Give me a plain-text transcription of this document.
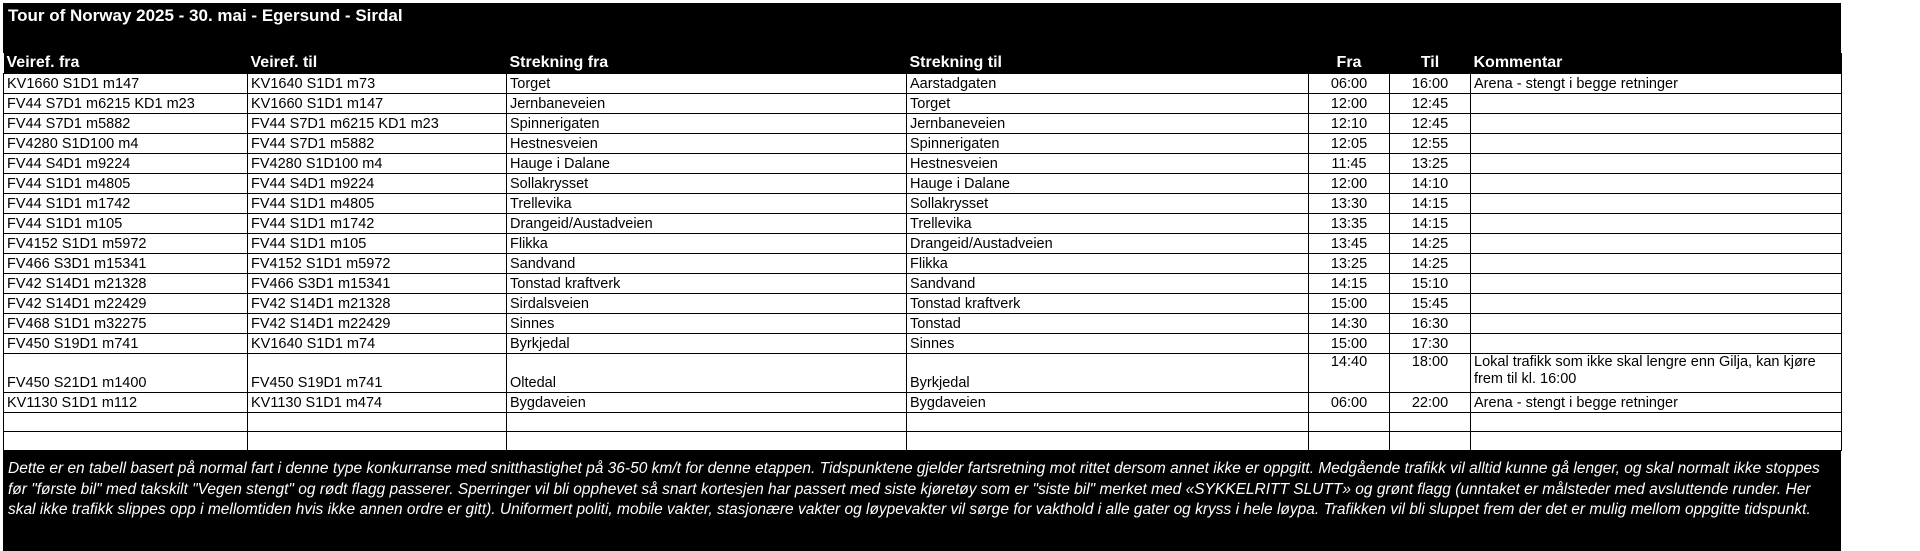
Tour of Norway 2025 - 30. mai - Egersund - Sirdal
Veiref. fra	Veiref. til	Strekning fra	Strekning til	Fra	Til	Kommentar
KV1660 S1D1 m147	KV1640 S1D1 m73	Torget	Aarstadgaten	06:00	16:00	Arena - stengt i begge retninger
FV44 S7D1 m6215 KD1 m23	KV1660 S1D1 m147	Jernbaneveien	Torget	12:00	12:45	
FV44 S7D1 m5882	FV44 S7D1 m6215 KD1 m23	Spinnerigaten	Jernbaneveien	12:10	12:45	
FV4280 S1D100 m4	FV44 S7D1 m5882	Hestnesveien	Spinnerigaten	12:05	12:55	
FV44 S4D1 m9224	FV4280 S1D100 m4	Hauge i Dalane	Hestnesveien	11:45	13:25	
FV44 S1D1 m4805	FV44 S4D1 m9224	Sollakrysset	Hauge i Dalane	12:00	14:10	
FV44 S1D1 m1742	FV44 S1D1 m4805	Trellevika	Sollakrysset	13:30	14:15	
FV44 S1D1 m105	FV44 S1D1 m1742	Drangeid/Austadveien	Trellevika	13:35	14:15	
FV4152 S1D1 m5972	FV44 S1D1 m105	Flikka	Drangeid/Austadveien	13:45	14:25	
FV466 S3D1 m15341	FV4152 S1D1 m5972	Sandvand	Flikka	13:25	14:25	
FV42 S14D1 m21328	FV466 S3D1 m15341	Tonstad kraftverk	Sandvand	14:15	15:10	
FV42 S14D1 m22429	FV42 S14D1 m21328	Sirdalsveien	Tonstad kraftverk	15:00	15:45	
FV468 S1D1 m32275	FV42 S14D1 m22429	Sinnes	Tonstad	14:30	16:30	
FV450 S19D1 m741	KV1640 S1D1 m74	Byrkjedal	Sinnes	15:00	17:30	
FV450 S21D1 m1400	FV450 S19D1 m741	Oltedal	Byrkjedal	14:40	18:00	Lokal trafikk som ikke skal lengre enn Gilja, kan kjøre frem til kl. 16:00
KV1130 S1D1 m112	KV1130 S1D1 m474	Bygdaveien	Bygdaveien	06:00	22:00	Arena - stengt i begge retninger

Dette er en tabell basert på normal fart i denne type konkurranse med snitthastighet på 36-50 km/t for denne etappen. Tidspunktene gjelder fartsretning mot rittet dersom annet ikke er oppgitt. Medgående trafikk vil alltid kunne gå lenger, og skal normalt ikke stoppes før "første bil" med takskilt "Vegen stengt" og rødt flagg passerer. Sperringer vil bli opphevet så snart kortesjen har passert med siste kjøretøy som er "siste bil" merket med «SYKKELRITT SLUTT» og grønt flagg (unntaket er målsteder med avsluttende runder. Her skal ikke trafikk slippes opp i mellomtiden hvis ikke annen ordre er gitt). Uniformert politi, mobile vakter, stasjonære vakter og løypevakter vil sørge for vakthold i alle gater og kryss i hele løypa. Trafikken vil bli sluppet frem der det er mulig mellom oppgitte tidspunkt.
